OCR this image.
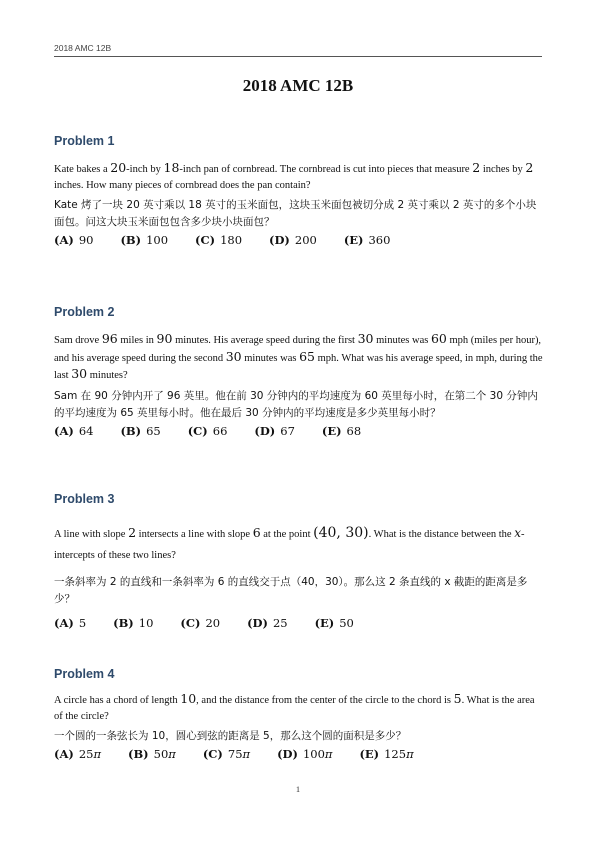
2018 AMC 12B
2018 AMC 12B
Problem 1

Kate bakes a 20-inch by 18-inch pan of cornbread. The cornbread is cut into pieces that measure 2 inches by 2 inches. How many pieces of cornbread does the pan contain?

Kate 烤了一块 20 英寸乘以 18 英寸的玉米面包，这块玉米面包被切分成 2 英寸乘以 2 英寸的多个小块面包。问这大块玉米面包包含多少块小块面包？

(A) 90 (B) 100 (C) 180 (D) 200 (E) 360
Problem 2

Sam drove 96 miles in 90 minutes. His average speed during the first 30 minutes was 60 mph (miles per hour), and his average speed during the second 30 minutes was 65 mph. What was his average speed, in mph, during the last 30 minutes?

Sam 在 90 分钟内开了 96 英里。他在前 30 分钟内的平均速度为 60 英里每小时，在第二个 30 分钟内的平均速度为 65 英里每小时。他在最后 30 分钟内的平均速度是多少英里每小时？

(A) 64 (B) 65 (C) 66 (D) 67 (E) 68
Problem 3

A line with slope 2 intersects a line with slope 6 at the point (40, 30). What is the distance between the x-intercepts of these two lines?

一条斜率为 2 的直线和一条斜率为 6 的直线交于点（40，30）。那么这 2 条直线的 x 截距的距离是多少？

(A) 5 (B) 10 (C) 20 (D) 25 (E) 50
Problem 4

A circle has a chord of length 10, and the distance from the center of the circle to the chord is 5. What is the area of the circle?

一个圆的一条弦长为 10，圆心到弦的距离是 5，那么这个圆的面积是多少？

(A) 25π (B) 50π (C) 75π (D) 100π (E) 125π
1
